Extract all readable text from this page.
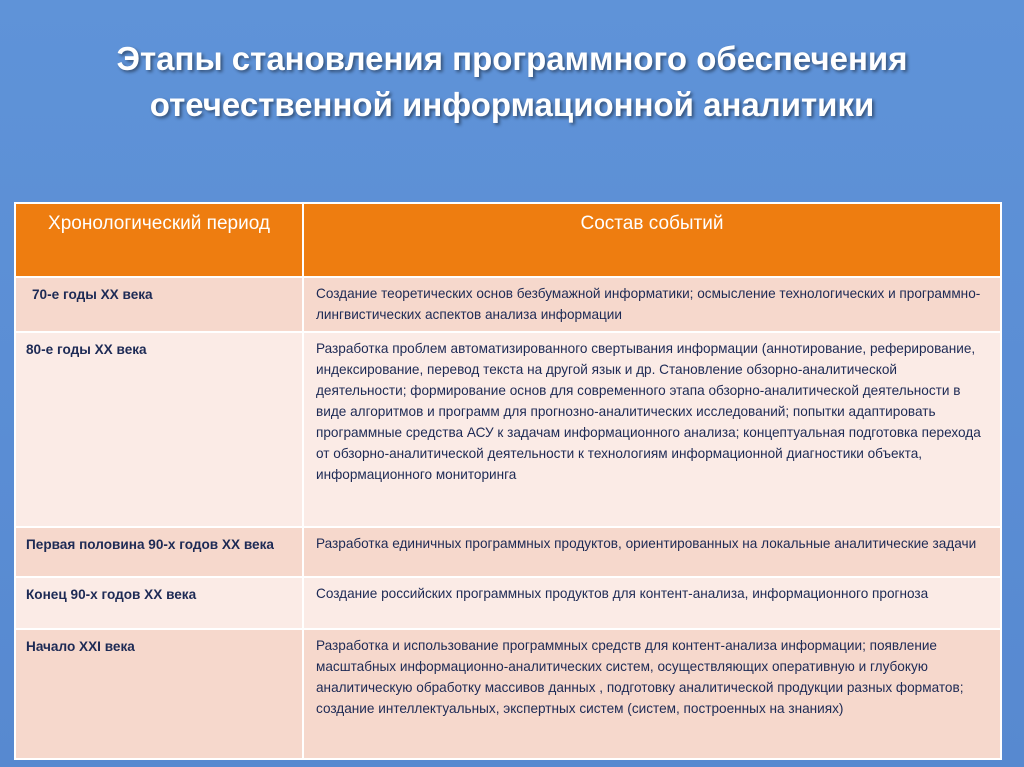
Этапы становления программного обеспечения
отечественной информационной аналитики
Хронологический период	Состав событий
70-е годы XX века	Создание теоретических основ безбумажной информатики; осмысление технологических и программно-лингвистических аспектов анализа информации
80-е годы XX века	Разработка проблем автоматизированного свертывания информации (аннотирование, реферирование, индексирование, перевод текста на другой язык и др. Становление обзорно-аналитической деятельности; формирование основ для современного этапа обзорно-аналитической деятельности в виде алгоритмов и программ для прогнозно-аналитических исследований; попытки адаптировать программные средства АСУ к задачам информационного анализа; концептуальная подготовка перехода от обзорно-аналитической деятельности к технологиям информационной диагностики объекта, информационного мониторинга
Первая половина 90-х годов XX века	Разработка единичных программных продуктов, ориентированных на локальные аналитические задачи
Конец 90-х годов XX века	Создание российских программных продуктов для контент-анализа, информационного прогноза
Начало XXI века	Разработка и использование программных средств для контент-анализа информации; появление масштабных информационно-аналитических систем, осуществляющих оперативную и глубокую аналитическую обработку массивов данных , подготовку аналитической продукции разных форматов; создание интеллектуальных, экспертных систем (систем, построенных на знаниях)
